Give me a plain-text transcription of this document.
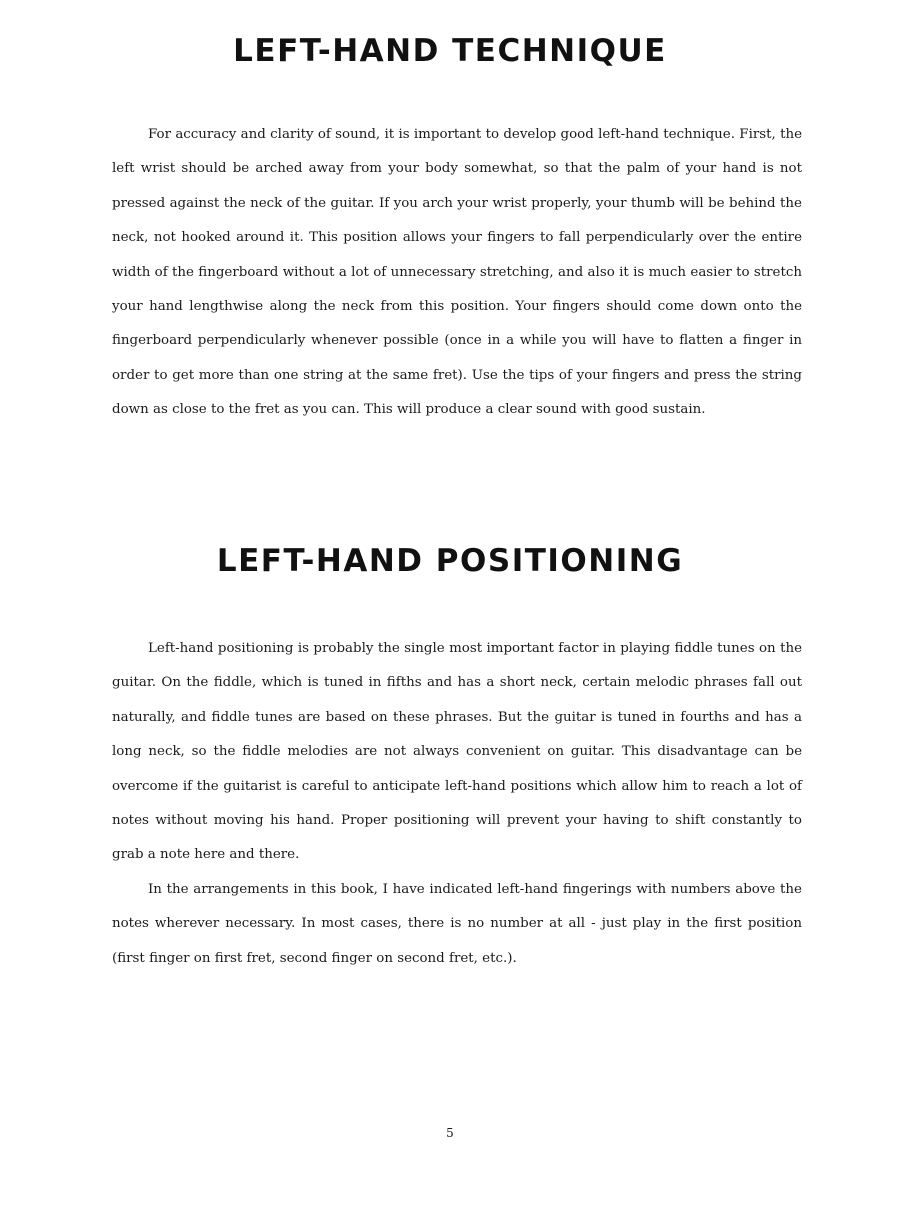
LEFT-HAND TECHNIQUE

For accuracy and clarity of sound, it is important to develop good left-hand technique. First, the left wrist should be arched away from your body somewhat, so that the palm of your hand is not pressed against the neck of the guitar. If you arch your wrist properly, your thumb will be behind the neck, not hooked around it. This position allows your fingers to fall perpendicularly over the entire width of the fingerboard without a lot of unnecessary stretching, and also it is much easier to stretch your hand lengthwise along the neck from this position. Your fingers should come down onto the fingerboard perpendicularly whenever possible (once in a while you will have to flatten a finger in order to get more than one string at the same fret). Use the tips of your fingers and press the string down as close to the fret as you can. This will produce a clear sound with good sustain.

LEFT-HAND POSITIONING

Left-hand positioning is probably the single most important factor in playing fiddle tunes on the guitar. On the fiddle, which is tuned in fifths and has a short neck, certain melodic phrases fall out naturally, and fiddle tunes are based on these phrases. But the guitar is tuned in fourths and has a long neck, so the fiddle melodies are not always convenient on guitar. This disadvantage can be overcome if the guitarist is careful to anticipate left-hand positions which allow him to reach a lot of notes without moving his hand. Proper positioning will prevent your having to shift constantly to grab a note here and there.

In the arrangements in this book, I have indicated left-hand fingerings with numbers above the notes wherever necessary. In most cases, there is no number at all - just play in the first position (first finger on first fret, second finger on second fret, etc.).

5
